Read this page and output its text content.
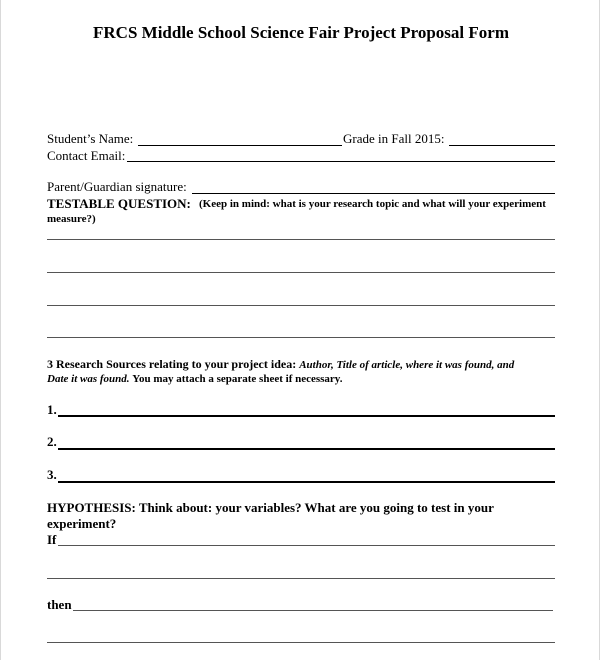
FRCS Middle School Science Fair Project Proposal Form
Student’s Name:	Grade in Fall 2015:
Contact Email:
Parent/Guardian signature:
TESTABLE QUESTION: (Keep in mind: what is your research topic and what will your experiment
measure?)
3 Research Sources relating to your project idea: Author, Title of article, where it was found, and
Date it was found. You may attach a separate sheet if necessary.
1.
2.
3.
HYPOTHESIS: Think about: your variables? What are you going to test in your
experiment?
If
then
